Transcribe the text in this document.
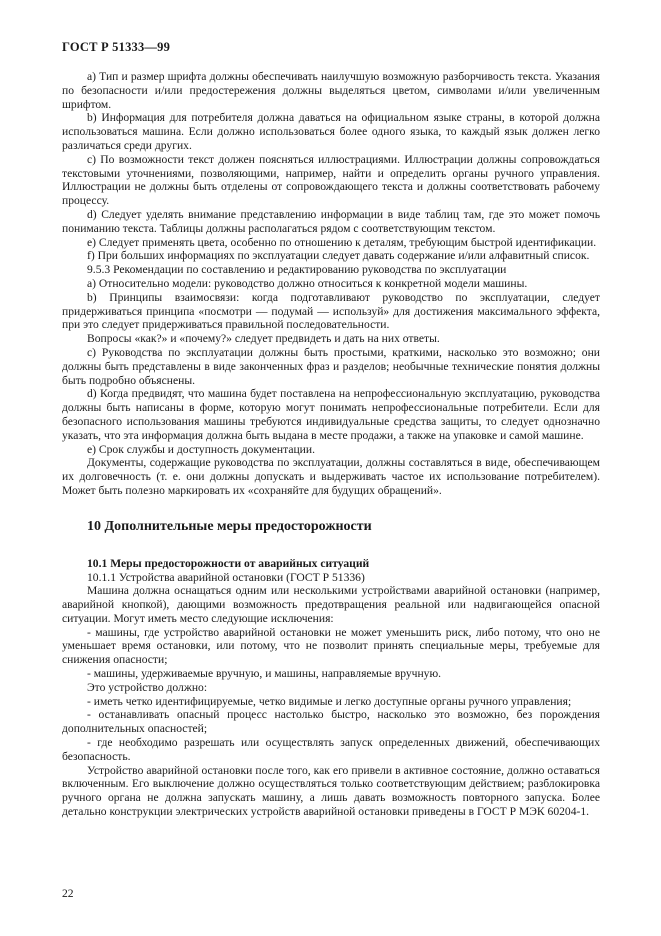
ГОСТ Р 51333—99

a) Тип и размер шрифта должны обеспечивать наилучшую возможную разборчивость текста. Указания по безопасности и/или предостережения должны выделяться цветом, символами и/или увеличенным шрифтом.

b) Информация для потребителя должна даваться на официальном языке страны, в которой должна использоваться машина. Если должно использоваться более одного языка, то каждый язык должен легко различаться среди других.

c) По возможности текст должен поясняться иллюстрациями. Иллюстрации должны сопровождаться текстовыми уточнениями, позволяющими, например, найти и определить органы ручного управления. Иллюстрации не должны быть отделены от сопровождающего текста и должны соответствовать рабочему процессу.

d) Следует уделять внимание представлению информации в виде таблиц там, где это может помочь пониманию текста. Таблицы должны располагаться рядом с соответствующим текстом.

e) Следует применять цвета, особенно по отношению к деталям, требующим быстрой идентификации.

f) При больших информациях по эксплуатации следует давать содержание и/или алфавитный список.

9.5.3 Рекомендации по составлению и редактированию руководства по эксплуатации

a) Относительно модели: руководство должно относиться к конкретной модели машины.

b) Принципы взаимосвязи: когда подготавливают руководство по эксплуатации, следует придерживаться принципа «посмотри — подумай — используй» для достижения максимального эффекта, при это следует придерживаться правильной последовательности.

Вопросы «как?» и «почему?» следует предвидеть и дать на них ответы.

c) Руководства по эксплуатации должны быть простыми, краткими, насколько это возможно; они должны быть представлены в виде законченных фраз и разделов; необычные технические понятия должны быть подробно объяснены.

d) Когда предвидят, что машина будет поставлена на непрофессиональную эксплуатацию, руководства должны быть написаны в форме, которую могут понимать непрофессиональные потребители. Если для безопасного использования машины требуются индивидуальные средства защиты, то следует однозначно указать, что эта информация должна быть выдана в месте продажи, а также на упаковке и самой машине.

e) Срок службы и доступность документации.

Документы, содержащие руководства по эксплуатации, должны составляться в виде, обеспечивающем их долговечность (т. е. они должны допускать и выдерживать частое их использование потребителем). Может быть полезно маркировать их «сохраняйте для будущих обращений».

10 Дополнительные меры предосторожности

10.1 Меры предосторожности от аварийных ситуаций

10.1.1 Устройства аварийной остановки (ГОСТ Р 51336)

Машина должна оснащаться одним или несколькими устройствами аварийной остановки (например, аварийной кнопкой), дающими возможность предотвращения реальной или надвигающейся опасной ситуации. Могут иметь место следующие исключения:

- машины, где устройство аварийной остановки не может уменьшить риск, либо потому, что оно не уменьшает время остановки, или потому, что не позволит принять специальные меры, требуемые для снижения опасности;

- машины, удерживаемые вручную, и машины, направляемые вручную.

Это устройство должно:

- иметь четко идентифицируемые, четко видимые и легко доступные органы ручного управления;

- останавливать опасный процесс настолько быстро, насколько это возможно, без порождения дополнительных опасностей;

- где необходимо разрешать или осуществлять запуск определенных движений, обеспечивающих безопасность.

Устройство аварийной остановки после того, как его привели в активное состояние, должно оставаться включенным. Его выключение должно осуществляться только соответствующим действием; разблокировка ручного органа не должна запускать машину, а лишь давать возможность повторного запуска. Более детально конструкции электрических устройств аварийной остановки приведены в ГОСТ Р МЭК 60204-1.

22
